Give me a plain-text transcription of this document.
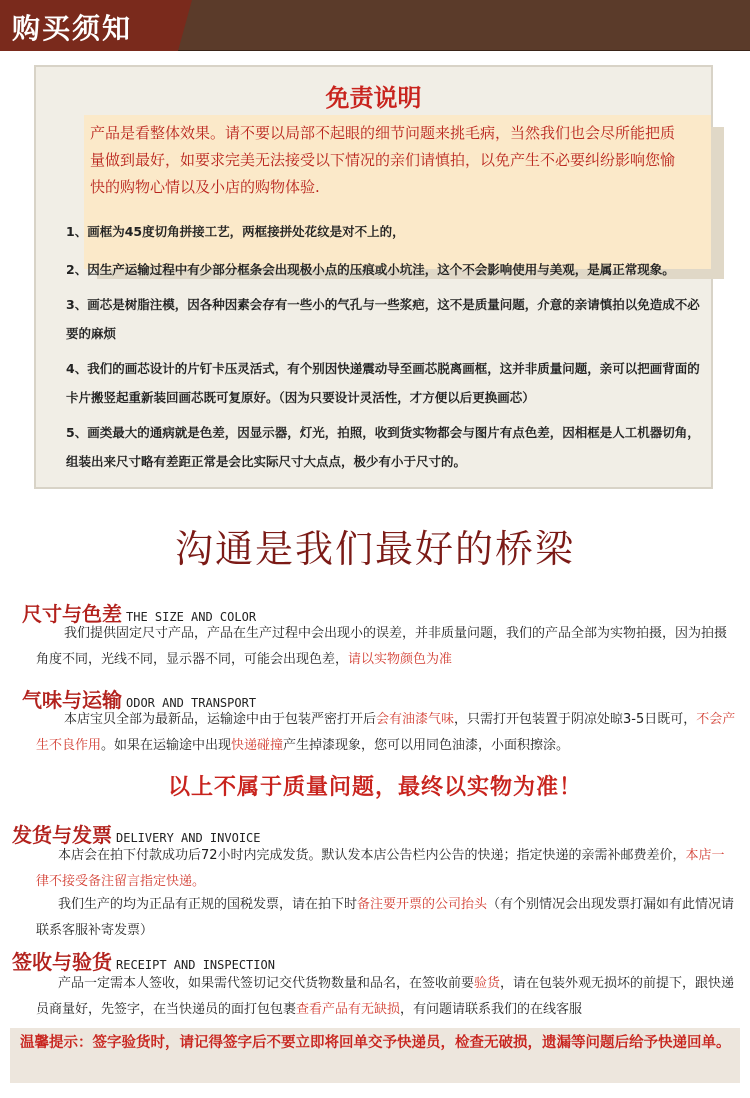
购买须知
免责说明
产品是看整体效果。请不要以局部不起眼的细节问题来挑毛病，当然我们也会尽所能把质量做到最好，如要求完美无法接受以下情况的亲们请慎拍，以免产生不必要纠纷影响您愉快的购物心情以及小店的购物体验.
1、画框为45度切角拼接工艺，两框接拼处花纹是对不上的，
2、因生产运输过程中有少部分框条会出现极小点的压痕或小坑洼，这个不会影响使用与美观，是属正常现象。
3、画芯是树脂注模，因各种因素会存有一些小的气孔与一些浆疤，这不是质量问题，介意的亲请慎拍以免造成不必要的麻烦
4、我们的画芯设计的片钉卡压灵活式，有个别因快递震动导至画芯脱离画框，这并非质量问题，亲可以把画背面的卡片搬竖起重新装回画芯既可复原好。（因为只要设计灵活性，才方便以后更换画芯）
5、画类最大的通病就是色差，因显示器，灯光，拍照，收到货实物都会与图片有点色差，因相框是人工机器切角，组装出来尺寸略有差距正常是会比实际尺寸大点点，极少有小于尺寸的。
沟通是我们最好的桥梁
尺寸与色差 THE SIZE AND COLOR
我们提供固定尺寸产品，产品在生产过程中会出现小的误差，并非质量问题，我们的产品全部为实物拍摄，因为拍摄角度不同，光线不同，显示器不同，可能会出现色差，请以实物颜色为准
气味与运输 ODOR AND TRANSPORT
本店宝贝全部为最新品，运输途中由于包装严密打开后会有油漆气味，只需打开包装置于阴凉处晾3-5日既可，不会产生不良作用。如果在运输途中出现快递碰撞产生掉漆现象，您可以用同色油漆，小面积擦涂。
以上不属于质量问题，最终以实物为准！
发货与发票 DELIVERY AND INVOICE
本店会在拍下付款成功后72小时内完成发货。默认发本店公告栏内公告的快递；指定快递的亲需补邮费差价，本店一律不接受备注留言指定快递。
我们生产的均为正品有正规的国税发票，请在拍下时备注要开票的公司抬头（有个别情况会出现发票打漏如有此情况请联系客服补寄发票）
签收与验货 RECEIPT AND INSPECTION
产品一定需本人签收，如果需代签切记交代货物数量和品名，在签收前要验货，请在包装外观无损坏的前提下，跟快递员商量好，先签字，在当快递员的面打包包裹查看产品有无缺损，有问题请联系我们的在线客服
温馨提示：签字验货时，请记得签字后不要立即将回单交予快递员，检查无破损，遗漏等问题后给予快递回单。
